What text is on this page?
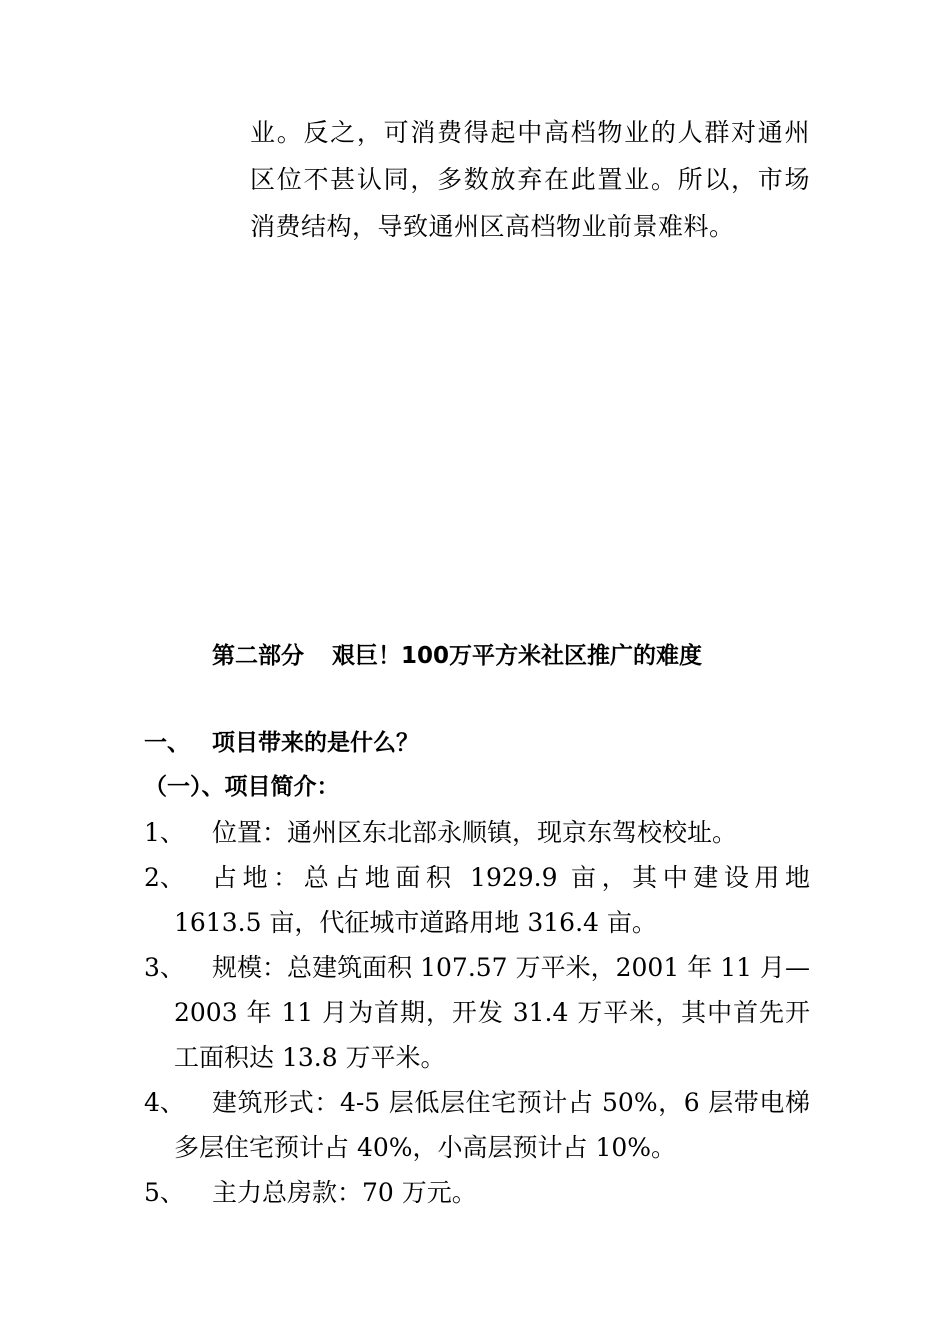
业。反之，可消费得起中高档物业的人群对通州区位不甚认同，多数放弃在此置业。所以，市场消费结构，导致通州区高档物业前景难料。
第二部分 艰巨！100万平方米社区推广的难度
一、 项目带来的是什么？
（一）、项目简介：
1、	位置：通州区东北部永顺镇，现京东驾校校址。
2、	占地：总占地面积 1929.9 亩，其中建设用地 1613.5 亩，代征城市道路用地 316.4 亩。
3、	规模：总建筑面积 107.57 万平米，2001 年 11 月—2003 年 11 月为首期，开发 31.4 万平米，其中首先开工面积达 13.8 万平米。
4、	建筑形式：4-5 层低层住宅预计占 50%，6 层带电梯多层住宅预计占 40%，小高层预计占 10%。
5、	主力总房款：70 万元。
